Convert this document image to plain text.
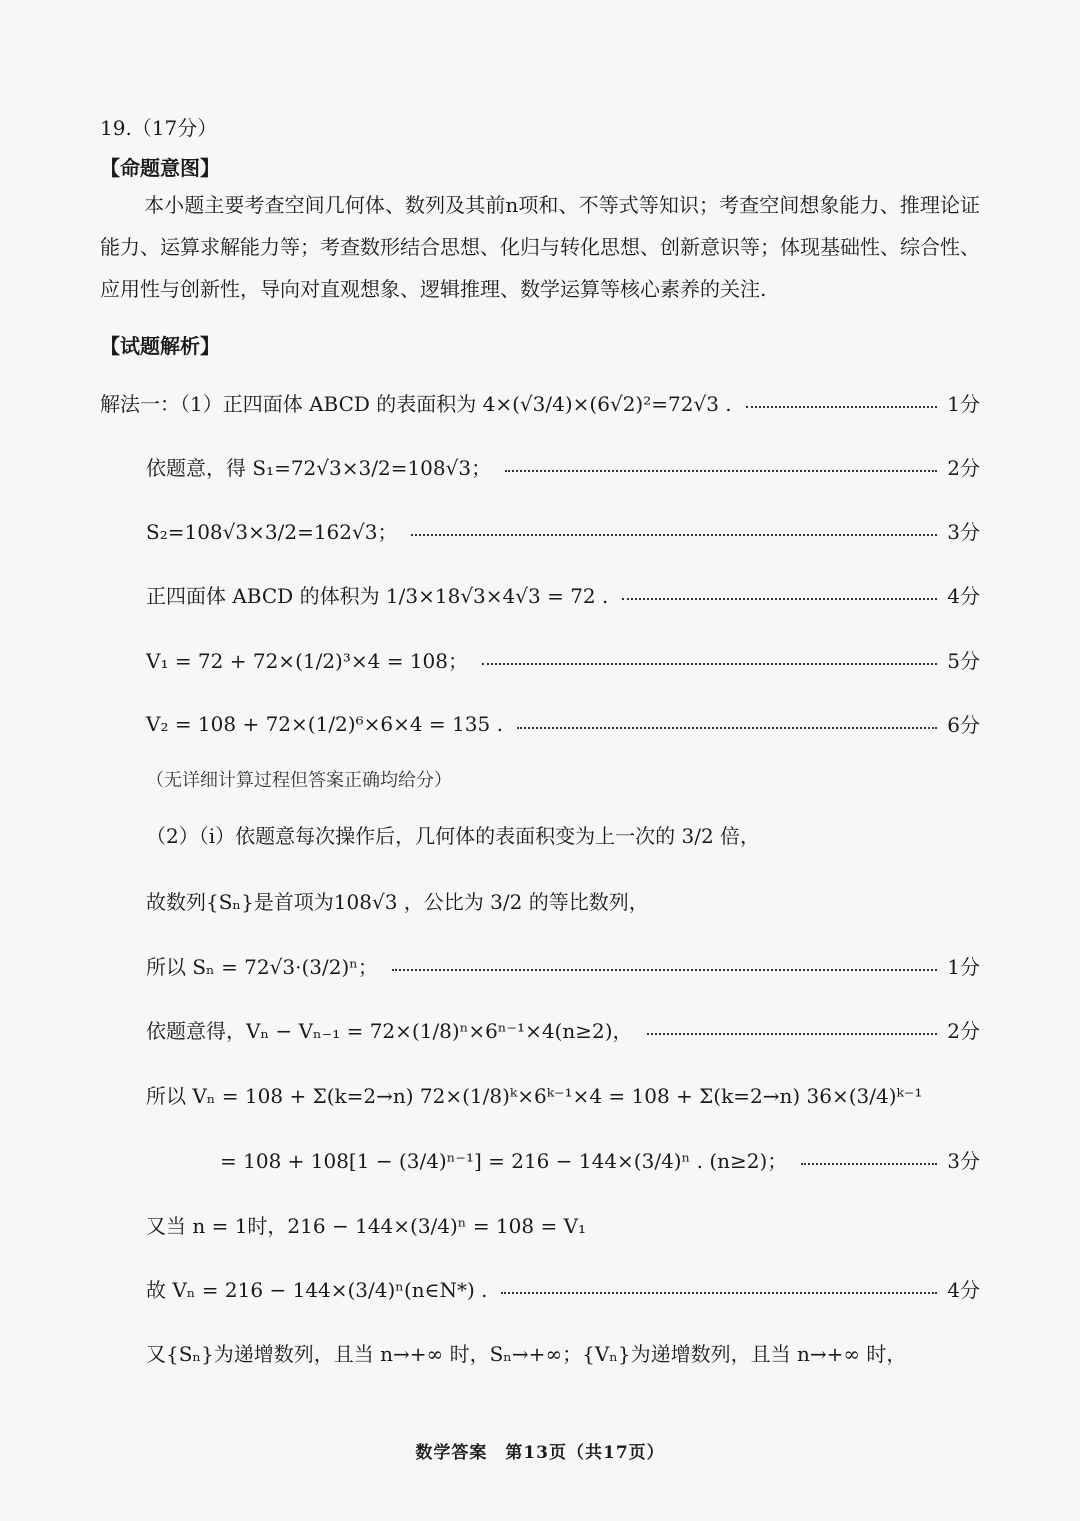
19.（17分）
【命题意图】
本小题主要考查空间几何体、数列及其前n项和、不等式等知识；考查空间想象能力、推理论证能力、运算求解能力等；考查数形结合思想、化归与转化思想、创新意识等；体现基础性、综合性、应用性与创新性，导向对直观想象、逻辑推理、数学运算等核心素养的关注.
【试题解析】
解法一：（1）正四面体 ABCD 的表面积为 4×(√3/4)×(6√2)²=72√3 .	1分
依题意，得 S₁=72√3×3/2=108√3；	2分
S₂=108√3×3/2=162√3；	3分
正四面体 ABCD 的体积为 1/3×18√3×4√3 = 72 .	4分
V₁ = 72 + 72×(1/2)³×4 = 108；	5分
V₂ = 108 + 72×(1/2)⁶×6×4 = 135 .	6分
（无详细计算过程但答案正确均给分）
（2）（i）依题意每次操作后，几何体的表面积变为上一次的 3/2 倍，
故数列{Sₙ}是首项为108√3 ，公比为 3/2 的等比数列，
所以 Sₙ = 72√3·(3/2)ⁿ；	1分
依题意得，Vₙ − Vₙ₋₁ = 72×(1/8)ⁿ×6ⁿ⁻¹×4(n≥2)，	2分
所以 Vₙ = 108 + Σ(k=2→n) 72×(1/8)ᵏ×6ᵏ⁻¹×4 = 108 + Σ(k=2→n) 36×(3/4)ᵏ⁻¹
= 108 + 108[1 − (3/4)ⁿ⁻¹] = 216 − 144×(3/4)ⁿ . (n≥2)；	3分
又当 n = 1时，216 − 144×(3/4)ⁿ = 108 = V₁
故 Vₙ = 216 − 144×(3/4)ⁿ(n∈N*) .	4分
又{Sₙ}为递增数列，且当 n→+∞ 时，Sₙ→+∞；{Vₙ}为递增数列，且当 n→+∞ 时，
数学答案　第13页（共17页）
